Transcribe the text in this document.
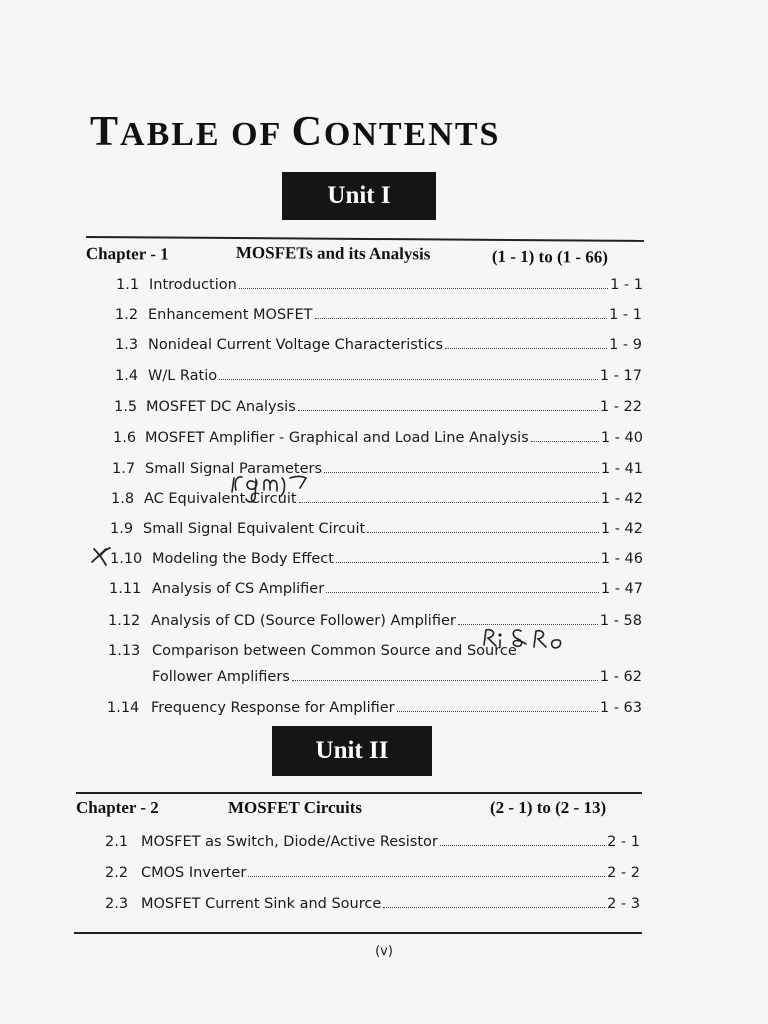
TABLE OF CONTENTS
Unit I
Chapter - 1	MOSFETs and its Analysis	(1 - 1) to (1 - 66)
1.1 Introduction	1 - 1
1.2 Enhancement MOSFET	1 - 1
1.3 Nonideal Current Voltage Characteristics	1 - 9
1.4 W/L Ratio	1 - 17
1.5 MOSFET DC Analysis	1 - 22
1.6 MOSFET Amplifier - Graphical and Load Line Analysis	1 - 40
1.7 Small Signal Parameters	1 - 41
1.8 AC Equivalent Circuit	1 - 42
1.9 Small Signal Equivalent Circuit	1 - 42
1.10 Modeling the Body Effect	1 - 46
1.11 Analysis of CS Amplifier	1 - 47
1.12 Analysis of CD (Source Follower) Amplifier	1 - 58
1.13 Comparison between Common Source and Source
Follower Amplifiers	1 - 62
1.14 Frequency Response for Amplifier	1 - 63
Unit II
Chapter - 2	MOSFET Circuits	(2 - 1) to (2 - 13)
2.1 MOSFET as Switch, Diode/Active Resistor	2 - 1
2.2 CMOS Inverter	2 - 2
2.3 MOSFET Current Sink and Source	2 - 3
(v)
